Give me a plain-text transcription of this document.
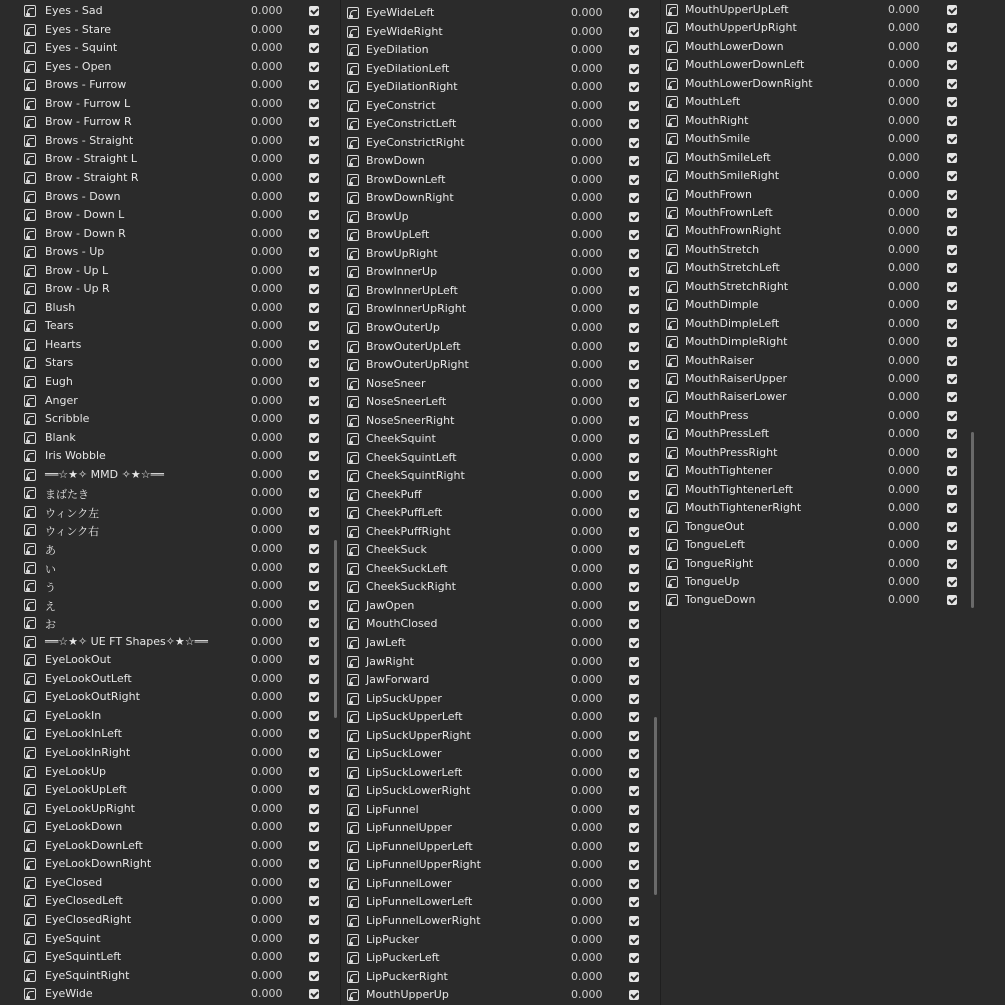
Eyes - Sad	0.000
Eyes - Stare	0.000
Eyes - Squint	0.000
Eyes - Open	0.000
Brows - Furrow	0.000
Brow - Furrow L	0.000
Brow - Furrow R	0.000
Brows - Straight	0.000
Brow - Straight L	0.000
Brow - Straight R	0.000
Brows - Down	0.000
Brow - Down L	0.000
Brow - Down R	0.000
Brows - Up	0.000
Brow - Up L	0.000
Brow - Up R	0.000
Blush	0.000
Tears	0.000
Hearts	0.000
Stars	0.000
Eugh	0.000
Anger	0.000
Scribble	0.000
Blank	0.000
Iris Wobble	0.000
══☆★✧ MMD ✧★☆══	0.000
まばたき	0.000
ウィンク左	0.000
ウィンク右	0.000
あ	0.000
い	0.000
う	0.000
え	0.000
お	0.000
══☆★✧ UE FT Shapes✧★☆══	0.000
EyeLookOut	0.000
EyeLookOutLeft	0.000
EyeLookOutRight	0.000
EyeLookIn	0.000
EyeLookInLeft	0.000
EyeLookInRight	0.000
EyeLookUp	0.000
EyeLookUpLeft	0.000
EyeLookUpRight	0.000
EyeLookDown	0.000
EyeLookDownLeft	0.000
EyeLookDownRight	0.000
EyeClosed	0.000
EyeClosedLeft	0.000
EyeClosedRight	0.000
EyeSquint	0.000
EyeSquintLeft	0.000
EyeSquintRight	0.000
EyeWide	0.000
EyeWideLeft	0.000
EyeWideRight	0.000
EyeDilation	0.000
EyeDilationLeft	0.000
EyeDilationRight	0.000
EyeConstrict	0.000
EyeConstrictLeft	0.000
EyeConstrictRight	0.000
BrowDown	0.000
BrowDownLeft	0.000
BrowDownRight	0.000
BrowUp	0.000
BrowUpLeft	0.000
BrowUpRight	0.000
BrowInnerUp	0.000
BrowInnerUpLeft	0.000
BrowInnerUpRight	0.000
BrowOuterUp	0.000
BrowOuterUpLeft	0.000
BrowOuterUpRight	0.000
NoseSneer	0.000
NoseSneerLeft	0.000
NoseSneerRight	0.000
CheekSquint	0.000
CheekSquintLeft	0.000
CheekSquintRight	0.000
CheekPuff	0.000
CheekPuffLeft	0.000
CheekPuffRight	0.000
CheekSuck	0.000
CheekSuckLeft	0.000
CheekSuckRight	0.000
JawOpen	0.000
MouthClosed	0.000
JawLeft	0.000
JawRight	0.000
JawForward	0.000
LipSuckUpper	0.000
LipSuckUpperLeft	0.000
LipSuckUpperRight	0.000
LipSuckLower	0.000
LipSuckLowerLeft	0.000
LipSuckLowerRight	0.000
LipFunnel	0.000
LipFunnelUpper	0.000
LipFunnelUpperLeft	0.000
LipFunnelUpperRight	0.000
LipFunnelLower	0.000
LipFunnelLowerLeft	0.000
LipFunnelLowerRight	0.000
LipPucker	0.000
LipPuckerLeft	0.000
LipPuckerRight	0.000
MouthUpperUp	0.000
MouthUpperUpLeft	0.000
MouthUpperUpRight	0.000
MouthLowerDown	0.000
MouthLowerDownLeft	0.000
MouthLowerDownRight	0.000
MouthLeft	0.000
MouthRight	0.000
MouthSmile	0.000
MouthSmileLeft	0.000
MouthSmileRight	0.000
MouthFrown	0.000
MouthFrownLeft	0.000
MouthFrownRight	0.000
MouthStretch	0.000
MouthStretchLeft	0.000
MouthStretchRight	0.000
MouthDimple	0.000
MouthDimpleLeft	0.000
MouthDimpleRight	0.000
MouthRaiser	0.000
MouthRaiserUpper	0.000
MouthRaiserLower	0.000
MouthPress	0.000
MouthPressLeft	0.000
MouthPressRight	0.000
MouthTightener	0.000
MouthTightenerLeft	0.000
MouthTightenerRight	0.000
TongueOut	0.000
TongueLeft	0.000
TongueRight	0.000
TongueUp	0.000
TongueDown	0.000
